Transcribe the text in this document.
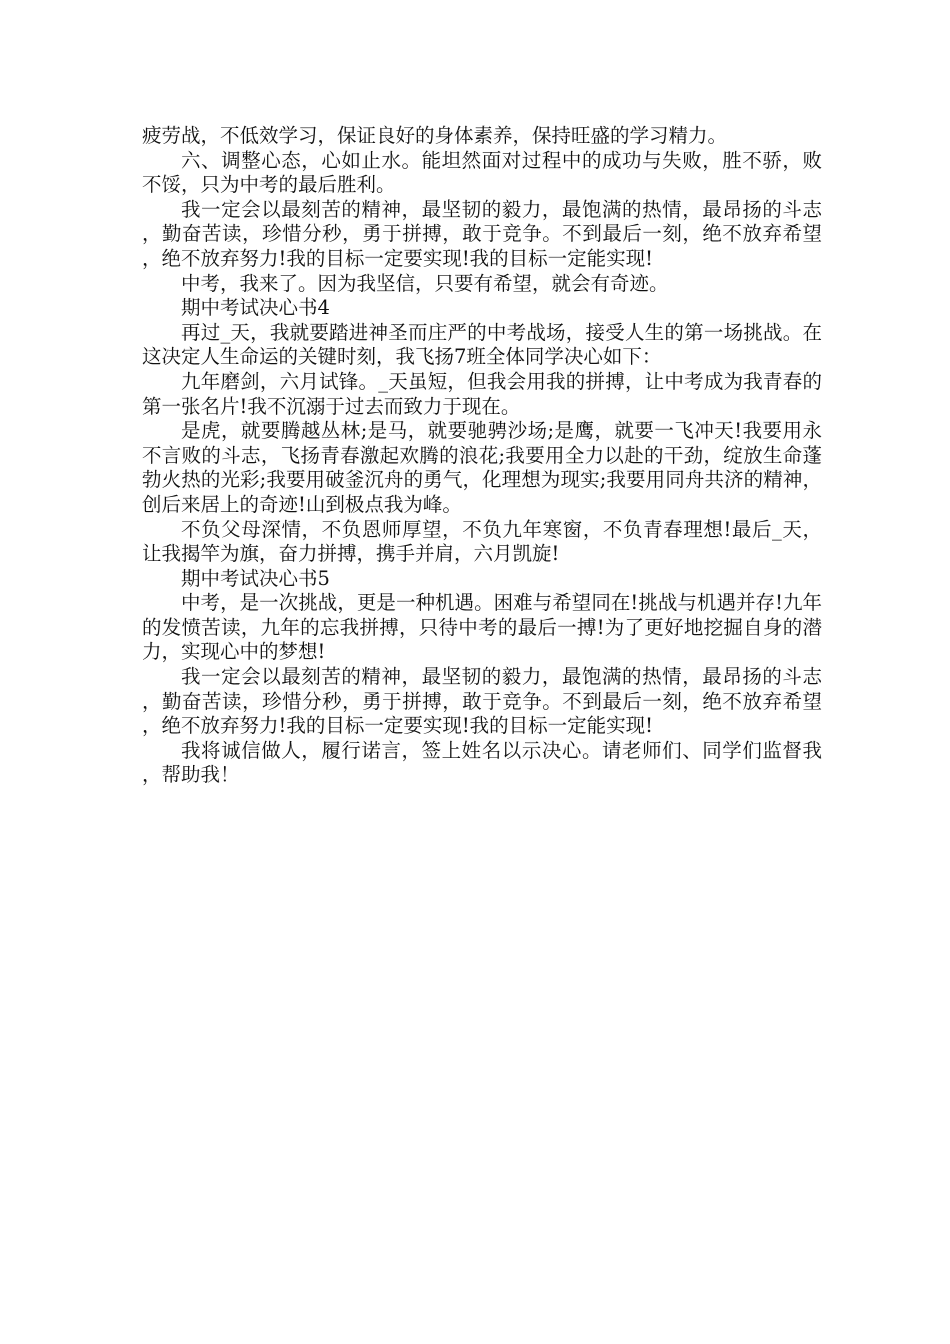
疲劳战，不低效学习，保证良好的身体素养，保持旺盛的学习精力。

六、调整心态，心如止水。能坦然面对过程中的成功与失败，胜不骄，败不馁，只为中考的最后胜利。

我一定会以最刻苦的精神，最坚韧的毅力，最饱满的热情，最昂扬的斗志，勤奋苦读，珍惜分秒，勇于拼搏，敢于竞争。不到最后一刻，绝不放弃希望，绝不放弃努力!我的目标一定要实现!我的目标一定能实现!

中考，我来了。因为我坚信，只要有希望，就会有奇迹。

期中考试决心书4

再过_天，我就要踏进神圣而庄严的中考战场，接受人生的第一场挑战。在这决定人生命运的关键时刻，我飞扬7班全体同学决心如下：

九年磨剑，六月试锋。_天虽短，但我会用我的拼搏，让中考成为我青春的第一张名片!我不沉溺于过去而致力于现在。

是虎，就要腾越丛林;是马，就要驰骋沙场;是鹰，就要一飞冲天!我要用永不言败的斗志，飞扬青春激起欢腾的浪花;我要用全力以赴的干劲，绽放生命蓬勃火热的光彩;我要用破釜沉舟的勇气，化理想为现实;我要用同舟共济的精神，创后来居上的奇迹!山到极点我为峰。

不负父母深情，不负恩师厚望，不负九年寒窗，不负青春理想!最后_天，让我揭竿为旗，奋力拼搏，携手并肩，六月凯旋!

期中考试决心书5

中考，是一次挑战，更是一种机遇。困难与希望同在!挑战与机遇并存!九年的发愤苦读，九年的忘我拼搏，只待中考的最后一搏!为了更好地挖掘自身的潜力，实现心中的梦想!

我一定会以最刻苦的精神，最坚韧的毅力，最饱满的热情，最昂扬的斗志，勤奋苦读，珍惜分秒，勇于拼搏，敢于竞争。不到最后一刻，绝不放弃希望，绝不放弃努力!我的目标一定要实现!我的目标一定能实现!

我将诚信做人，履行诺言，签上姓名以示决心。请老师们、同学们监督我，帮助我！
